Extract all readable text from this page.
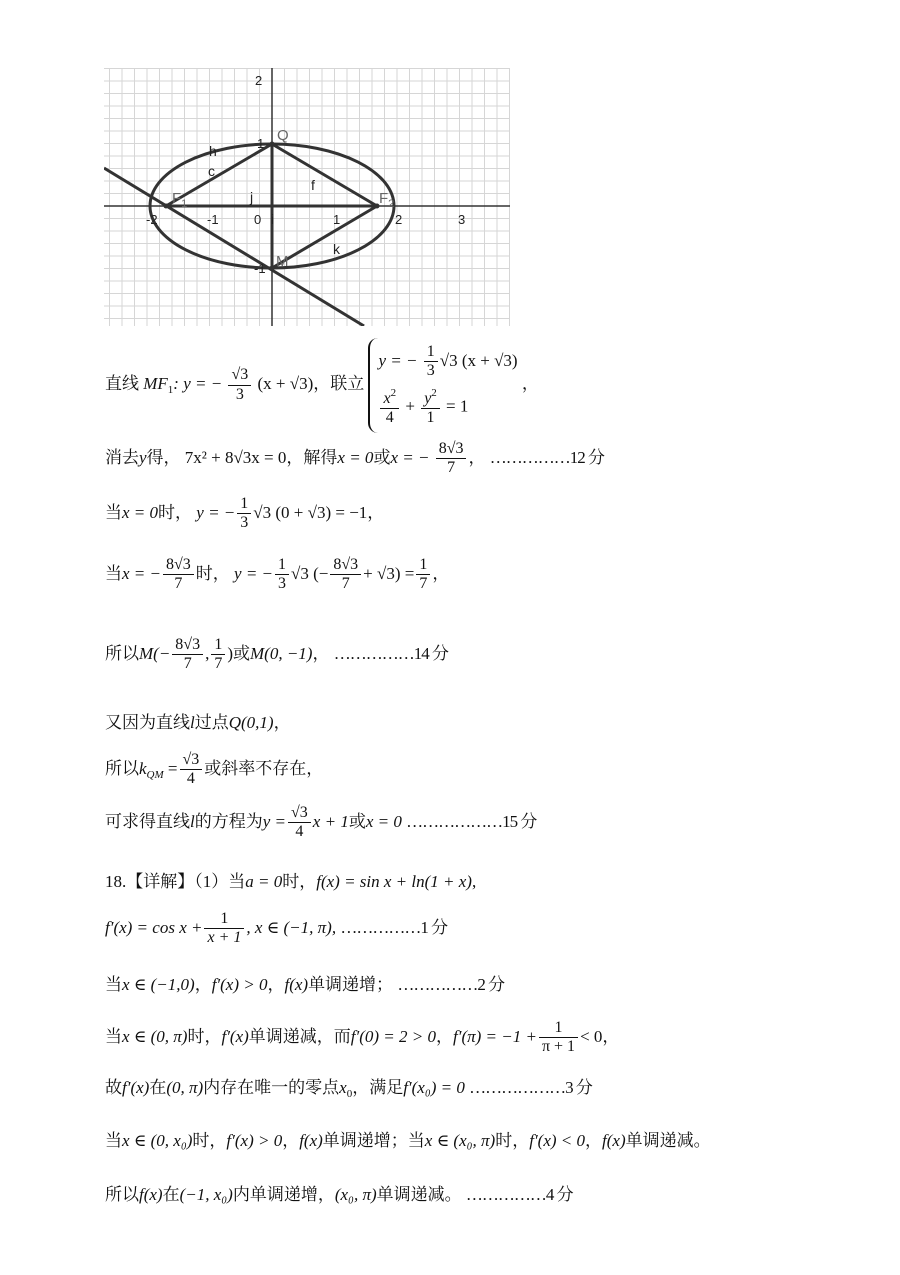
-2	-1	0	1	2	3
2
1
-1
Q
M
$F_1$	$F_2$
h
c
j
i
f
k
直线 $MF_1$: y = − $\frac{√3}{3} (x + √3)$，联立
y = − $\frac{1}{3} √3$ (x + √3)
$\frac{x^2}{4} + \frac{y^2}{1} = 1$
，
消去y得， 7x² + 8√3x = 0，解得x = 0或x = − $\frac{8√3}{7}$ ， ……………12 分
当x = 0时， y = − $\frac{1}{3} √3$ (0 + √3) = −1，
当x = − $\frac{8√3}{7}$ 时， y = − $\frac{1}{3} √3$ (− $\frac{8√3}{7} + √3) = \frac{1}{7}$ ，
所以$M(- \frac{8√3}{7}$ , $\frac{1}{7}$ )或M(0, −1)， ……………14 分
又因为直线l过点Q(0,1)，
所以$k_{QM} = \frac{√3}{4}$ 或斜率不存在，
可求得直线l的方程为$y = \frac{√3}{4}$ x + 1或x = 0 ………………15 分
18.【详解】（1）当a = 0时，f(x) = sin x + ln(1 + x),
$f'(x) = \cos x + \frac{1}{x + 1}$ , x ∈ (−1, π), ……………1 分
当x ∈ (−1,0)，f′(x) > 0，f(x)单调递增； ……………2 分
当x ∈ (0, π)时，f′(x)单调递减，而f′(0) = 2 > 0，$f'(\pi) = -1 + \frac{1}{\pi + 1} < 0$，
故f′(x)在(0, π)内存在唯一的零点$x_0$，满足f′(x₀) = 0 ………………3 分
当x ∈ (0, x₀)时，f′(x) > 0，f(x)单调递增；当x ∈ (x₀, π)时，f′(x) < 0，f(x)单调递减。
所以f(x)在(−1, x₀)内单调递增，(x₀, π)单调递减。 ……………4 分
